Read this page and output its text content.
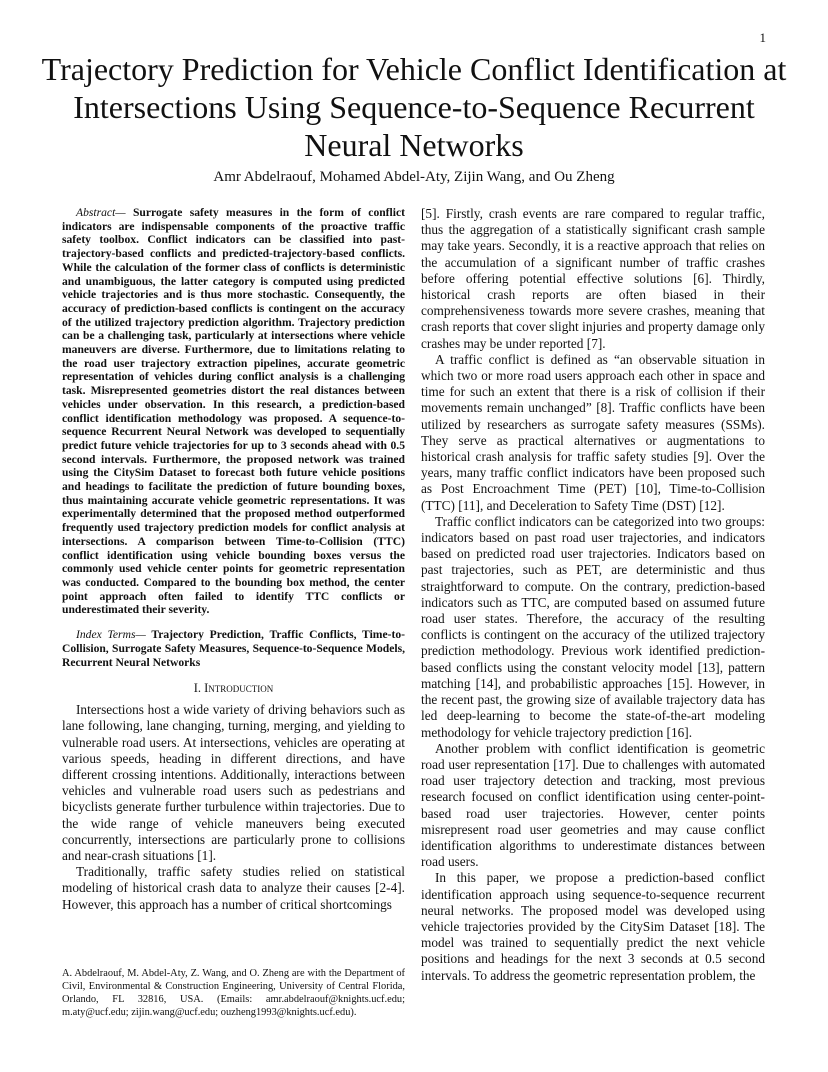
1
Trajectory Prediction for Vehicle Conflict Identification at Intersections Using Sequence-to-Sequence Recurrent Neural Networks
Amr Abdelraouf, Mohamed Abdel-Aty, Zijin Wang, and Ou Zheng

Abstract— Surrogate safety measures in the form of conflict indicators are indispensable components of the proactive traffic safety toolbox. Conflict indicators can be classified into past-trajectory-based conflicts and predicted-trajectory-based conflicts. While the calculation of the former class of conflicts is deterministic and unambiguous, the latter category is computed using predicted vehicle trajectories and is thus more stochastic. Consequently, the accuracy of prediction-based conflicts is contingent on the accuracy of the utilized trajectory prediction algorithm. Trajectory prediction can be a challenging task, particularly at intersections where vehicle maneuvers are diverse. Furthermore, due to limitations relating to the road user trajectory extraction pipelines, accurate geometric representation of vehicles during conflict analysis is a challenging task. Misrepresented geometries distort the real distances between vehicles under observation. In this research, a prediction-based conflict identification methodology was proposed. A sequence-to-sequence Recurrent Neural Network was developed to sequentially predict future vehicle trajectories for up to 3 seconds ahead with 0.5 second intervals. Furthermore, the proposed network was trained using the CitySim Dataset to forecast both future vehicle positions and headings to facilitate the prediction of future bounding boxes, thus maintaining accurate vehicle geometric representations. It was experimentally determined that the proposed method outperformed frequently used trajectory prediction models for conflict analysis at intersections. A comparison between Time-to-Collision (TTC) conflict identification using vehicle bounding boxes versus the commonly used vehicle center points for geometric representation was conducted. Compared to the bounding box method, the center point approach often failed to identify TTC conflicts or underestimated their severity.

Index Terms— Trajectory Prediction, Traffic Conflicts, Time-to-Collision, Surrogate Safety Measures, Sequence-to-Sequence Models, Recurrent Neural Networks

I. Introduction

Intersections host a wide variety of driving behaviors such as lane following, lane changing, turning, merging, and yielding to vulnerable road users. At intersections, vehicles are operating at various speeds, heading in different directions, and have different crossing intentions. Additionally, interactions between vehicles and vulnerable road users such as pedestrians and bicyclists generate further turbulence within trajectories. Due to the wide range of vehicle maneuvers being executed concurrently, intersections are particularly prone to collisions and near-crash situations [1].

Traditionally, traffic safety studies relied on statistical modeling of historical crash data to analyze their causes [2-4]. However, this approach has a number of critical shortcomings

[5]. Firstly, crash events are rare compared to regular traffic, thus the aggregation of a statistically significant crash sample may take years. Secondly, it is a reactive approach that relies on the accumulation of a significant number of traffic crashes before offering potential effective solutions [6]. Thirdly, historical crash reports are often biased in their comprehensiveness towards more severe crashes, meaning that crash reports that cover slight injuries and property damage only crashes may be under reported [7].

A traffic conflict is defined as “an observable situation in which two or more road users approach each other in space and time for such an extent that there is a risk of collision if their movements remain unchanged” [8]. Traffic conflicts have been utilized by researchers as surrogate safety measures (SSMs). They serve as practical alternatives or augmentations to historical crash analysis for traffic safety studies [9]. Over the years, many traffic conflict indicators have been proposed such as Post Encroachment Time (PET) [10], Time-to-Collision (TTC) [11], and Deceleration to Safety Time (DST) [12].

Traffic conflict indicators can be categorized into two groups: indicators based on past road user trajectories, and indicators based on predicted road user trajectories. Indicators based on past trajectories, such as PET, are deterministic and thus straightforward to compute. On the contrary, prediction-based indicators such as TTC, are computed based on assumed future road user states. Therefore, the accuracy of the resulting conflicts is contingent on the accuracy of the utilized trajectory prediction methodology. Previous work identified prediction-based conflicts using the constant velocity model [13], pattern matching [14], and probabilistic approaches [15]. However, in the recent past, the growing size of available trajectory data has led deep-learning to become the state-of-the-art modeling methodology for vehicle trajectory prediction [16].

Another problem with conflict identification is geometric road user representation [17]. Due to challenges with automated road user trajectory detection and tracking, most previous research focused on conflict identification using center-point-based road user trajectories. However, center points misrepresent road user geometries and may cause conflict identification algorithms to underestimate distances between road users.

In this paper, we propose a prediction-based conflict identification approach using sequence-to-sequence recurrent neural networks. The proposed model was developed using vehicle trajectories provided by the CitySim Dataset [18]. The model was trained to sequentially predict the next vehicle positions and headings for the next 3 seconds at 0.5 second intervals. To address the geometric representation problem, the

A. Abdelraouf, M. Abdel-Aty, Z. Wang, and O. Zheng are with the Department of Civil, Environmental & Construction Engineering, University of Central Florida, Orlando, FL 32816, USA. (Emails: amr.abdelraouf@knights.ucf.edu; m.aty@ucf.edu; zijin.wang@ucf.edu; ouzheng1993@knights.ucf.edu).
